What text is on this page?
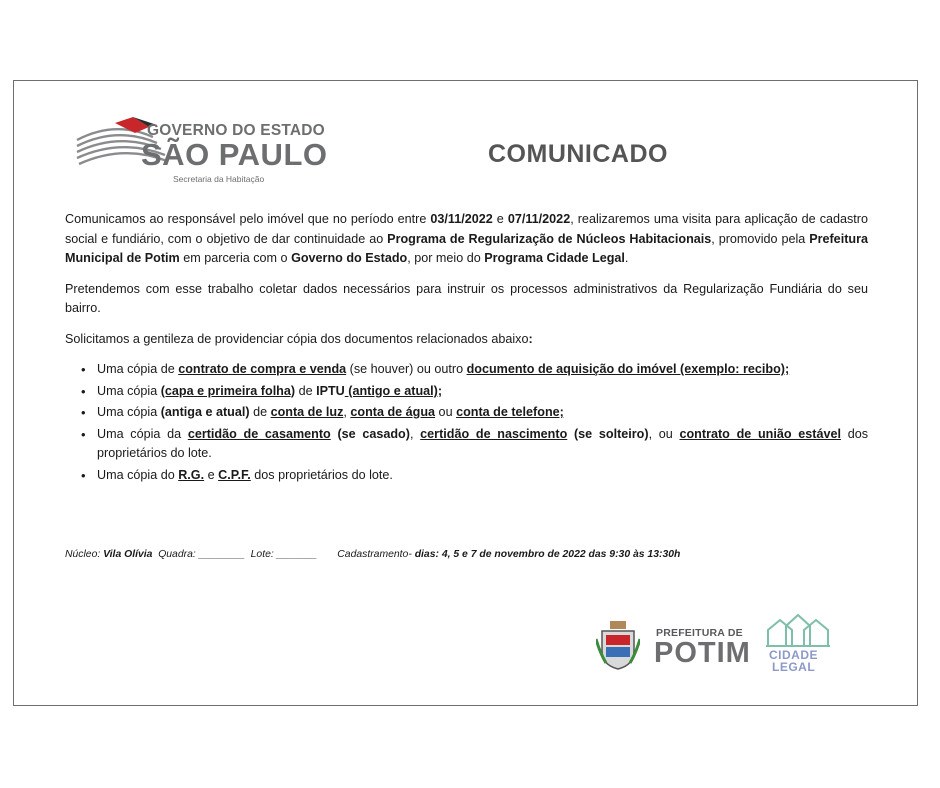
GOVERNO DO ESTADO
SÃO PAULO
Secretaria da Habitação
COMUNICADO

Comunicamos ao responsável pelo imóvel que no período entre 03/11/2022 e 07/11/2022, realizaremos uma visita para aplicação de cadastro social e fundiário, com o objetivo de dar continuidade ao Programa de Regularização de Núcleos Habitacionais, promovido pela Prefeitura Municipal de Potim em parceria com o Governo do Estado, por meio do Programa Cidade Legal.

Pretendemos com esse trabalho coletar dados necessários para instruir os processos administrativos da Regularização Fundiária do seu bairro.

Solicitamos a gentileza de providenciar cópia dos documentos relacionados abaixo:

• Uma cópia de contrato de compra e venda (se houver) ou outro documento de aquisição do imóvel (exemplo: recibo);
• Uma cópia (capa e primeira folha) de IPTU (antigo e atual);
• Uma cópia (antiga e atual) de conta de luz, conta de água ou conta de telefone;
• Uma cópia da certidão de casamento (se casado), certidão de nascimento (se solteiro), ou contrato de união estável dos proprietários do lote.
• Uma cópia do R.G. e C.P.F. dos proprietários do lote.
Núcleo: Vila Olívia  Quadra: ________  Lote: _______       Cadastramento- dias: 4, 5 e 7 de novembro de 2022 das 9:30 às 13:30h
PREFEITURA DE
POTIM CIDADE
LEGAL
